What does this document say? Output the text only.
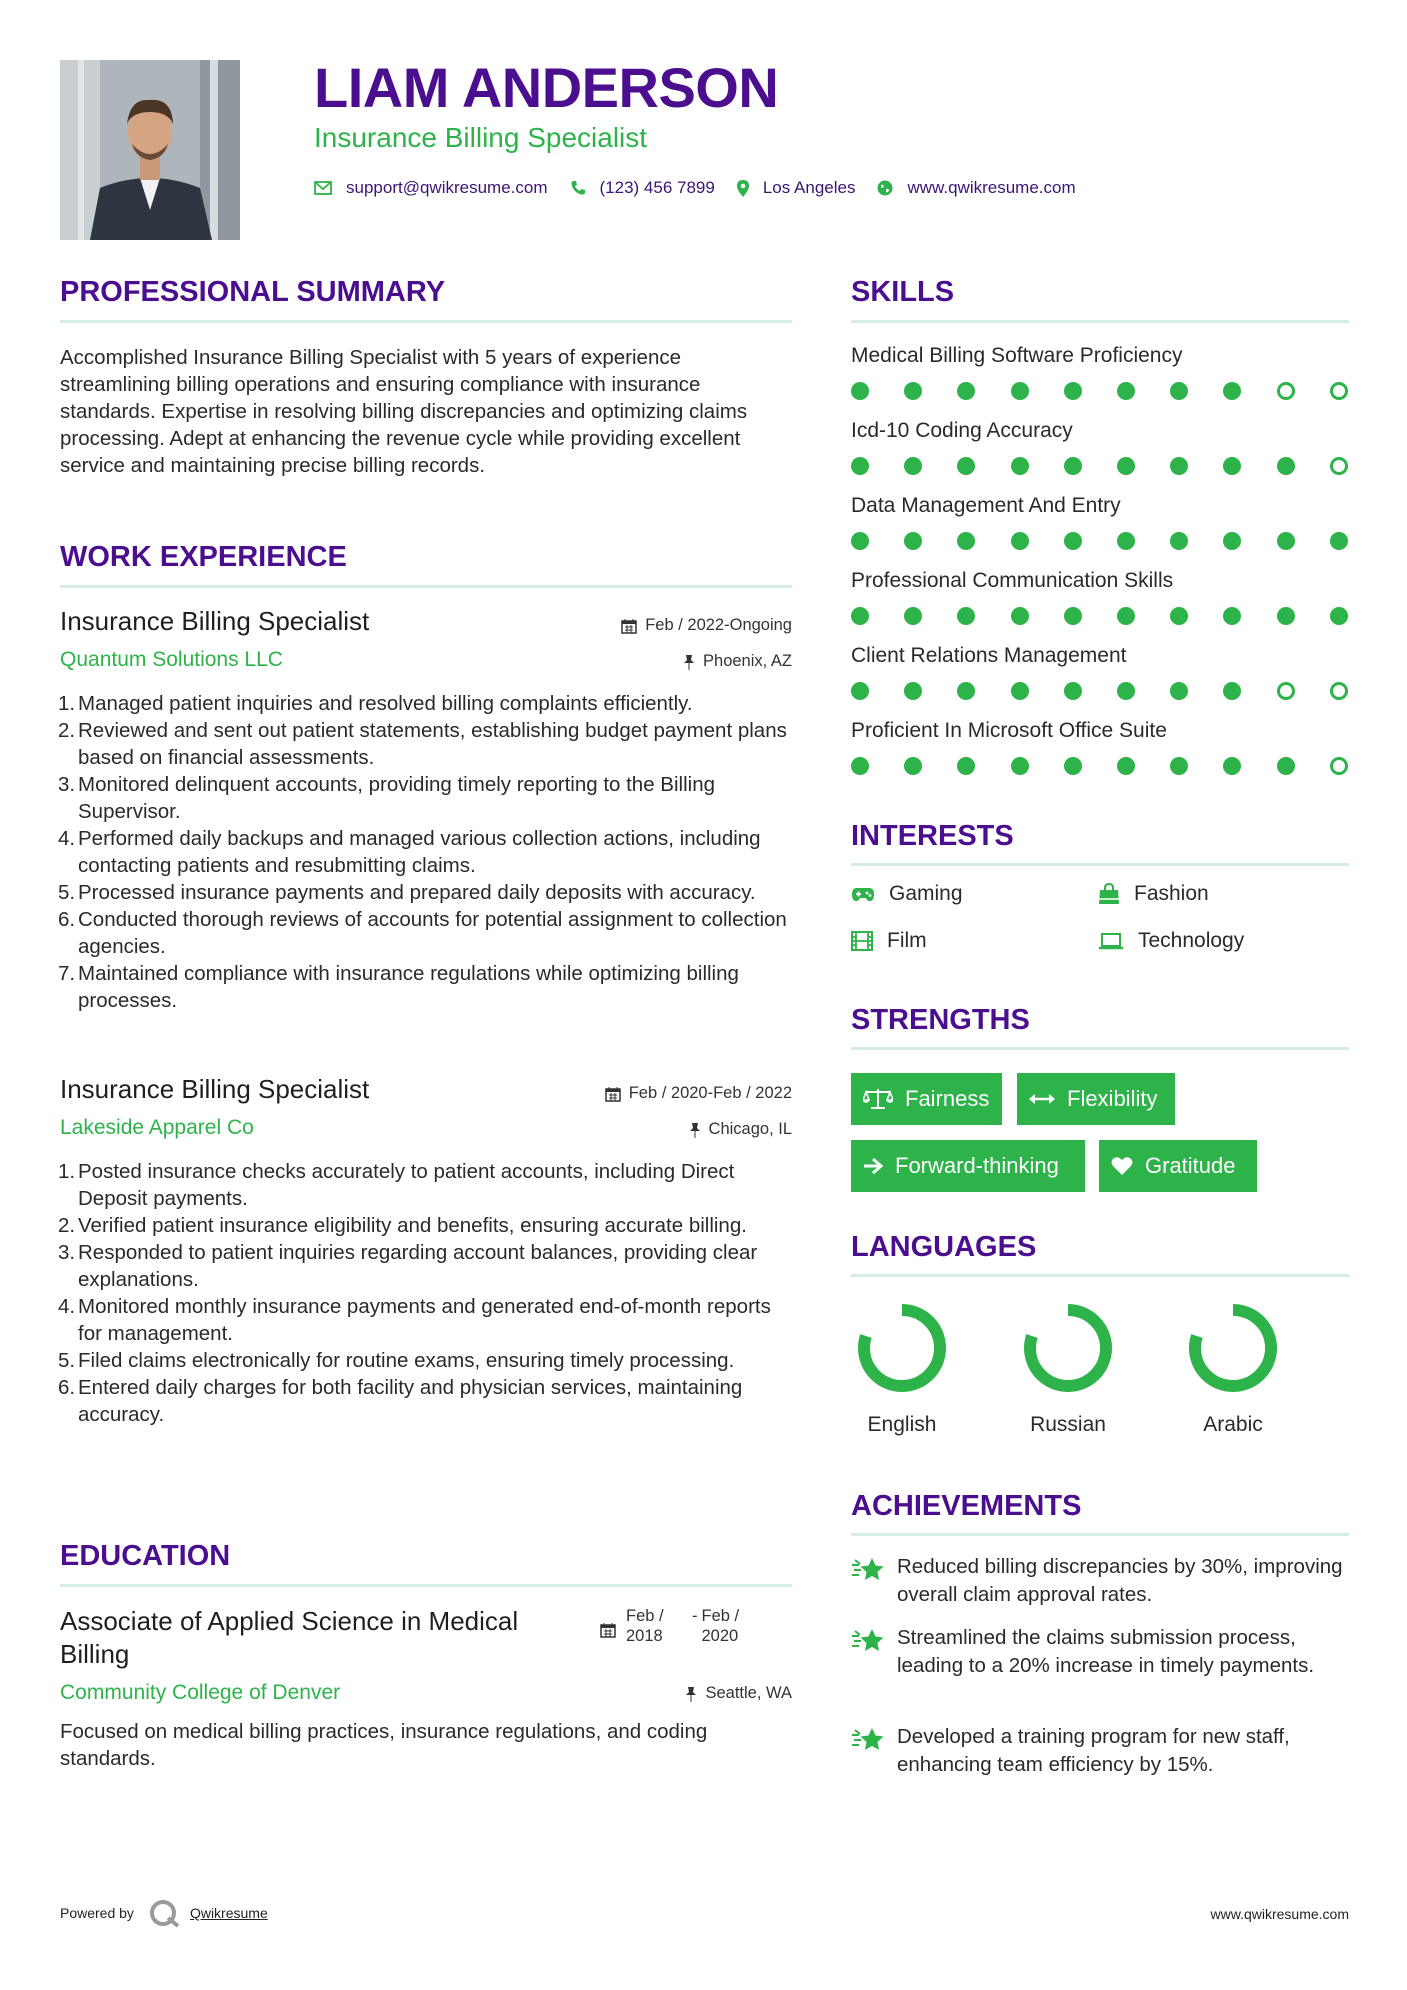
LIAM ANDERSON
Insurance Billing Specialist
support@qwikresume.com	(123) 456 7899	Los Angeles	www.qwikresume.com
PROFESSIONAL SUMMARY
Accomplished Insurance Billing Specialist with 5 years of experience streamlining billing operations and ensuring compliance with insurance standards. Expertise in resolving billing discrepancies and optimizing claims processing. Adept at enhancing the revenue cycle while providing excellent service and maintaining precise billing records.
WORK EXPERIENCE
Insurance Billing Specialist	Feb / 2022-Ongoing
Quantum Solutions LLC	Phoenix, AZ
1. Managed patient inquiries and resolved billing complaints efficiently.
2. Reviewed and sent out patient statements, establishing budget payment plans based on financial assessments.
3. Monitored delinquent accounts, providing timely reporting to the Billing Supervisor.
4. Performed daily backups and managed various collection actions, including contacting patients and resubmitting claims.
5. Processed insurance payments and prepared daily deposits with accuracy.
6. Conducted thorough reviews of accounts for potential assignment to collection agencies.
7. Maintained compliance with insurance regulations while optimizing billing processes.
Insurance Billing Specialist	Feb / 2020-Feb / 2022
Lakeside Apparel Co	Chicago, IL
1. Posted insurance checks accurately to patient accounts, including Direct Deposit payments.
2. Verified patient insurance eligibility and benefits, ensuring accurate billing.
3. Responded to patient inquiries regarding account balances, providing clear explanations.
4. Monitored monthly insurance payments and generated end-of-month reports for management.
5. Filed claims electronically for routine exams, ensuring timely processing.
6. Entered daily charges for both facility and physician services, maintaining accuracy.
EDUCATION
Associate of Applied Science in Medical Billing
Feb / 2018
- Feb / 2020
Community College of Denver	Seattle, WA
Focused on medical billing practices, insurance regulations, and coding standards.
SKILLS
Medical Billing Software Proficiency
Icd-10 Coding Accuracy
Data Management And Entry
Professional Communication Skills
Client Relations Management
Proficient In Microsoft Office Suite
INTERESTS
Gaming	Fashion
Film	Technology
STRENGTHS
Fairness	Flexibility
Forward-thinking	Gratitude
LANGUAGES
English	Russian	Arabic
ACHIEVEMENTS
Reduced billing discrepancies by 30%, improving overall claim approval rates.
Streamlined the claims submission process, leading to a 20% increase in timely payments.
Developed a training program for new staff, enhancing team efficiency by 15%.
Powered by	Qwikresume	www.qwikresume.com
